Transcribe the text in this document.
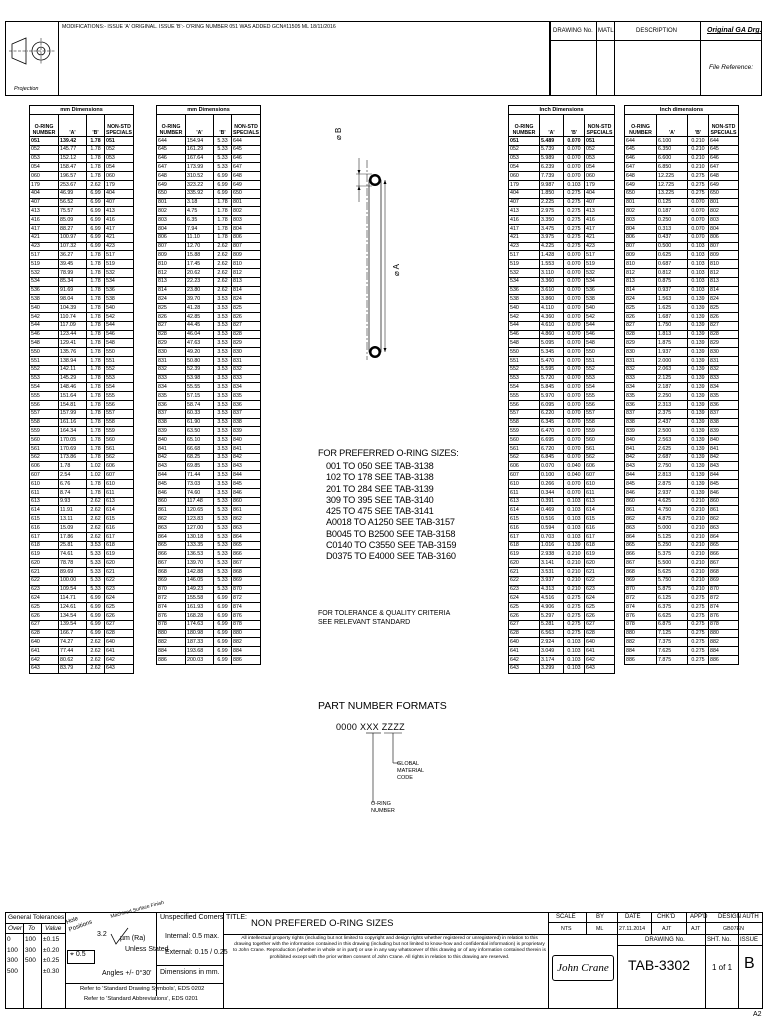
MODIFICATIONS:- ISSUE 'A' ORIGINAL. ISSUE 'B':- O'RING NUMBER 051 WAS ADDED GCN#11505 ML 18/11/2016
Projection
DRAWING No. MATL	DESCRIPTION	Original GA Drg.
File Reference:
mm Dimensions			
O-RING NUMBER	'A'	'B'	NON-STD SPECIALS
051	139.42	1.78	051
052	145.77	1.78	052
053	152.12	1.78	053
054	158.47	1.78	054
060	196.57	1.78	060
179	253.67	2.62	179
404	46.99	6.99	404
407	56.52	6.99	407
413	75.57	6.99	413
416	85.09	6.99	416
417	88.27	6.99	417
421	100.97	6.99	421
423	107.32	6.99	423
517	36.27	1.78	517
519	39.45	1.78	519
532	78.99	1.78	532
534	85.34	1.78	534
536	91.69	1.78	536
538	98.04	1.78	538
540	104.39	1.78	540
542	110.74	1.78	542
544	117.09	1.78	544
546	123.44	1.78	546
548	129.41	1.78	548
550	135.76	1.78	550
551	138.94	1.78	551
552	142.11	1.78	552
553	145.29	1.78	553
554	148.46	1.78	554
555	151.64	1.78	555
556	154.81	1.78	556
557	157.99	1.78	557
558	161.16	1.78	558
559	164.34	1.78	559
560	170.05	1.78	560
561	170.69	1.78	561
562	173.86	1.78	562
606	1.78	1.02	606
607	2.54	1.02	607
610	6.76	1.78	610
611	8.74	1.78	611
613	9.93	2.62	613
614	11.91	2.62	614
615	13.11	2.62	615
616	15.09	2.62	616
617	17.86	2.62	617
618	25.81	3.53	618
619	74.61	5.33	619
620	78.78	5.33	620
621	89.69	5.33	621
622	100.00	5.33	622
623	109.54	5.33	623
624	114.71	6.99	624
625	124.61	6.99	625
626	134.54	6.99	626
627	139.54	6.99	627
628	166.7	6.99	628
640	74.27	2.62	640
641	77.44	2.62	641
642	80.62	2.62	642
643	83.79	2.62	643
mm Dimensions			
O-RING NUMBER	'A'	'B'	NON-STD SPECIALS
644	154.94	5.33	644
645	161.29	5.33	645
646	167.64	5.33	646
647	173.99	5.33	647
648	310.52	6.99	648
649	323.22	6.99	649
650	335.92	6.99	650
801	3.18	1.78	801
802	4.75	1.78	802
803	6.35	1.78	803
804	7.94	1.78	804
806	11.10	1.78	806
807	12.70	2.62	807
809	15.88	2.62	809
810	17.45	2.62	810
812	20.62	2.62	812
813	22.23	2.62	813
814	23.80	2.62	814
824	39.70	3.53	824
825	41.28	3.53	825
826	42.85	3.53	826
827	44.45	3.53	827
828	46.04	3.53	828
829	47.63	3.53	829
830	49.20	3.53	830
831	50.80	3.53	831
832	52.39	3.53	832
833	53.98	3.53	833
834	55.55	3.53	834
835	57.15	3.53	835
836	58.74	3.53	836
837	60.33	3.53	837
838	61.90	3.53	838
839	63.50	3.53	839
840	65.10	3.53	840
841	66.68	3.53	841
842	68.25	3.53	842
843	69.85	3.53	843
844	71.44	3.53	844
845	73.03	3.53	845
846	74.60	3.53	846
860	117.48	5.33	860
861	120.65	5.33	861
862	123.83	5.33	862
863	127.00	5.33	863
864	130.18	5.33	864
865	133.35	5.33	865
866	136.53	5.33	866
867	139.70	5.33	867
868	142.88	5.33	868
869	146.05	5.33	869
870	149.23	5.33	870
872	155.58	6.99	872
874	161.93	6.99	874
876	168.28	6.99	876
878	174.63	6.99	878
880	180.98	6.99	880
882	187.33	6.99	882
884	193.68	6.99	884
886	200.03	6.99	886
Inch Dimensions			
O-RING NUMBER	'A'	'B'	NON-STD SPECIALS
051	5.489	0.070	051
052	5.739	0.070	052
053	5.989	0.070	053
054	6.239	0.070	054
060	7.739	0.070	060
179	9.987	0.103	179
404	1.850	0.275	404
407	2.225	0.275	407
413	2.975	0.275	413
416	3.350	0.275	416
417	3.475	0.275	417
421	3.975	0.275	421
423	4.225	0.275	423
517	1.428	0.070	517
519	1.553	0.070	519
532	3.110	0.070	532
534	3.360	0.070	534
536	3.610	0.070	536
538	3.860	0.070	538
540	4.110	0.070	540
542	4.360	0.070	542
544	4.610	0.070	544
546	4.860	0.070	546
548	5.095	0.070	548
550	5.345	0.070	550
551	5.470	0.070	551
552	5.595	0.070	552
553	5.720	0.070	553
554	5.845	0.070	554
555	5.970	0.070	555
556	6.095	0.070	556
557	6.220	0.070	557
558	6.345	0.070	558
559	6.470	0.070	559
560	6.695	0.070	560
561	6.720	0.070	561
562	6.845	0.070	562
606	0.070	0.040	606
607	0.100	0.040	607
610	0.266	0.070	610
611	0.344	0.070	611
613	0.391	0.103	613
614	0.469	0.103	614
615	0.516	0.103	615
616	0.594	0.103	616
617	0.703	0.103	617
618	1.016	0.139	618
619	2.938	0.210	619
620	3.141	0.210	620
621	3.531	0.210	621
622	3.937	0.210	622
623	4.313	0.210	623
624	4.516	0.275	624
625	4.906	0.275	625
626	5.297	0.275	626
627	5.281	0.275	627
628	6.563	0.275	628
640	2.924	0.103	640
641	3.049	0.103	641
642	3.174	0.103	642
643	3.299	0.103	643
Inch dimensions			
O-RING NUMBER	'A'	'B'	NON-STD SPECIALS
644	6.100	0.210	644
645	6.350	0.210	645
646	6.600	0.210	646
647	6.850	0.210	647
648	12.225	0.275	648
649	12.725	0.275	649
650	13.225	0.275	650
801	0.125	0.070	801
802	0.187	0.070	802
803	0.250	0.070	803
804	0.313	0.070	804
806	0.437	0.070	806
807	0.500	0.103	807
809	0.625	0.103	809
810	0.687	0.103	810
812	0.812	0.103	812
813	0.875	0.103	813
814	0.937	0.103	814
824	1.563	0.139	824
825	1.625	0.139	825
826	1.687	0.139	826
827	1.750	0.139	827
828	1.813	0.139	828
829	1.875	0.139	829
830	1.937	0.139	830
831	2.000	0.139	831
832	2.063	0.139	832
833	2.125	0.139	833
834	2.187	0.139	834
835	2.250	0.139	835
836	2.313	0.139	836
837	2.375	0.139	837
838	2.437	0.139	838
839	2.500	0.139	839
840	2.563	0.139	840
841	2.625	0.139	841
842	2.687	0.139	842
843	2.750	0.139	843
844	2.813	0.139	844
845	2.875	0.139	845
846	2.937	0.139	846
860	4.625	0.210	860
861	4.750	0.210	861
862	4.875	0.210	862
863	5.000	0.210	863
864	5.125	0.210	864
865	5.250	0.210	865
866	5.375	0.210	866
867	5.500	0.210	867
868	5.625	0.210	868
869	5.750	0.210	869
870	5.875	0.210	870
872	6.125	0.275	872
874	6.375	0.275	874
876	6.625	0.275	876
878	6.875	0.275	878
880	7.125	0.275	880
882	7.375	0.275	882
884	7.625	0.275	884
886	7.875	0.275	886
⌀ B
⌀ A
FOR PREFERRED O-RING SIZES:
001 TO 050 SEE TAB-3138
102 TO 178 SEE TAB-3138
201 TO 284 SEE TAB-3139
309 TO 395 SEE TAB-3140
425 TO 475 SEE TAB-3141
A0018 TO A1250 SEE TAB-3157
B0045 TO B2500 SEE TAB-3158
C0140 TO C3550 SEE TAB-3159
D0375 TO E4000 SEE TAB-3160
FOR TOLERANCE & QUALITY CRITERIA
SEE RELEVANT STANDARD
PART NUMBER FORMATS
0000 XXX ZZZZ
GLOBAL
MATERIAL
CODE
O-RING
NUMBER
General Tolerances
Over To Value
0	100	±0.15
100	300	±0.20
300	500	±0.25
500	±0.30
Hole Positions
3.2
⌖ 0.5
Machined Surface Finish
µm (Ra)
Unless Stated
Angles +/- 0°30'
Unspecified Corners
Internal: 0.5 max.
External: 0.15 / 0.25
Dimensions in mm.
Refer to 'Standard Drawing Symbols', EDS 0202
Refer to 'Standard Abbreviations', EDS 0201
TITLE:
NON PREFERED O-RING SIZES
All intellectual property rights (including but not limited to copyright and design rights whether registered or unregistered) in relation to this drawing together with the information contained in this drawing (including but not limited to know-how and confidential information) is proprietary to John Crane. Reproduction (whether in whole or in part) or use in any way whatsoever of this drawing or of any information contained therein is prohibited except with the prior written consent of John Crane. All rights in relation to this drawing are reserved.
SCALE	BY	DATE	CHK'D APP'D DESIGN AUTH
NTS	ML	27.11.2014	AJT	AJT	GB07EN
John Crane
DRAWING No.	SHT. No. ISSUE
TAB-3302	1 of 1 B
A2
